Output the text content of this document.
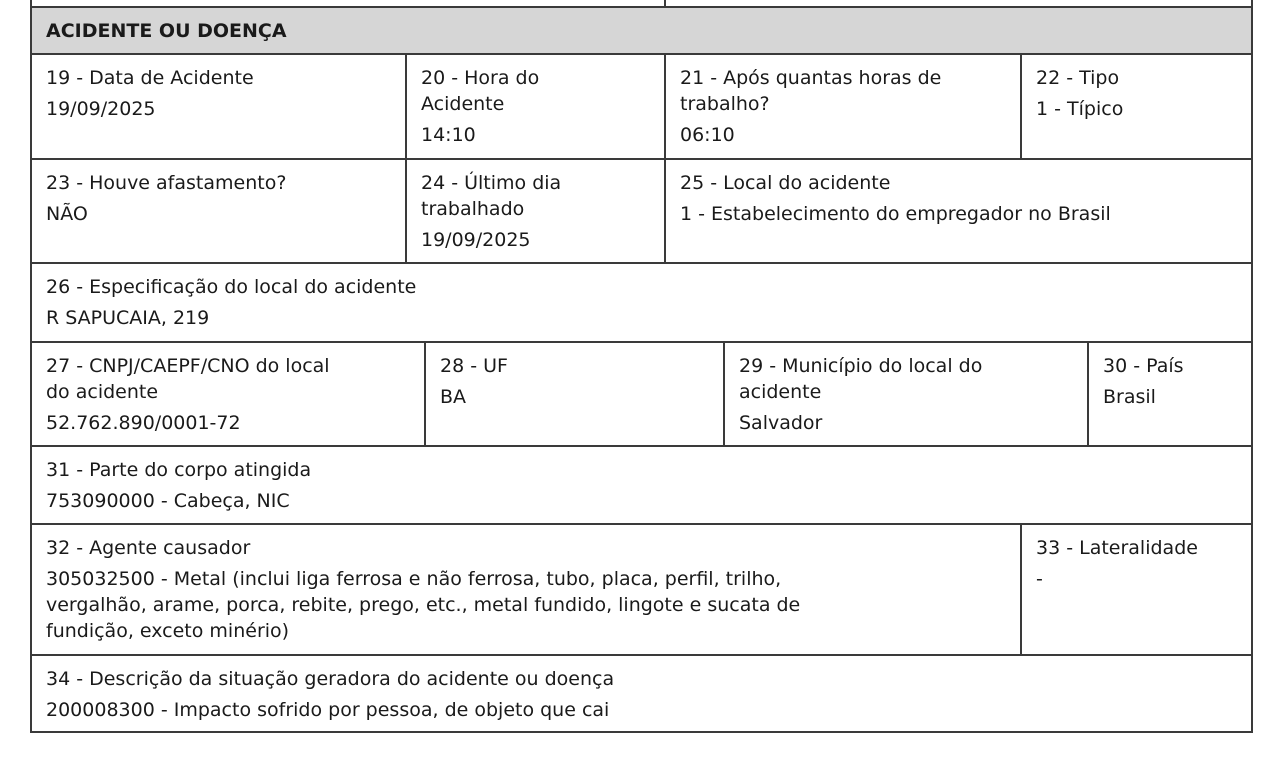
ACIDENTE OU DOENÇA
19 - Data de Acidente
19/09/2025
20 - Hora do
Acidente
14:10
21 - Após quantas horas de
trabalho?
06:10
22 - Tipo
1 - Típico
23 - Houve afastamento?
NÃO
24 - Último dia
trabalhado
19/09/2025
25 - Local do acidente
1 - Estabelecimento do empregador no Brasil
26 - Especificação do local do acidente
R SAPUCAIA, 219
27 - CNPJ/CAEPF/CNO do local
do acidente
52.762.890/0001-72
28 - UF
BA
29 - Município do local do
acidente
Salvador
30 - País
Brasil
31 - Parte do corpo atingida
753090000 - Cabeça, NIC
32 - Agente causador
305032500 - Metal (inclui liga ferrosa e não ferrosa, tubo, placa, perfil, trilho,
vergalhão, arame, porca, rebite, prego, etc., metal fundido, lingote e sucata de
fundição, exceto minério)
33 - Lateralidade
-
34 - Descrição da situação geradora do acidente ou doença
200008300 - Impacto sofrido por pessoa, de objeto que cai
